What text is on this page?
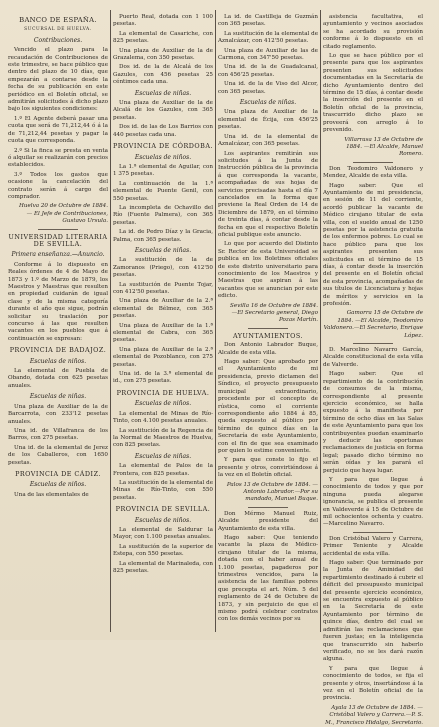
BANCO DE ESPAÑA.
SUCURSAL DE HUELVA.
Contribuciones.

Vencido el plazo para la recaudación de Contribuciones de este trimestre, se hace público que dentro del plazo de 10 días, que empezarán a contarse desde la fecha de su publicación en este periódico en el Boletín oficial, se admitirán solicitudes á dicho plazo bajo los siguientes condiciones:

1.º El Agente deberá pasar una cuota que será de 71,212,44 ó á la de 71,212,44 pesetas y pagar la cuota que corresponda.

2.º Si la finca se presta en venta ó alquilar se realizarán con precios establecidos.

3.º Todos los gastos que ocasione la cancelación del contrato serán á cargo del comprador.

Huelva 20 de Octubre de 1884.— El Jefe de Contribuciones, Gustavo Ursula.

UNIVERSIDAD LITERARIA DE SEVILLA.
Primera enseñanza.—Anuncio.

Conforme á lo dispuesto en Reales órdenes de 4 de Mayo de 1873 y 1.º de Marzo de 1879, los Maestros y Maestras que resulten en propiedad cuidarán de igual clase y de la misma categoría durante el año que sigue, podrán solicitar su traslación por concurso á las que resulten vacantes en los pueblos que á continuación se expresan:

PROVINCIA DE BADAJOZ.
Escuelas de niños.

La elemental de Puebla de Obando, dotada con 625 pesetas anuales.

Escuelas de niñas.

Una plaza de Auxiliar de la de Barcarrota, con 233'12 pesetas anuales.

Una id. de Villafranca de los Barros, con 275 pesetas.

Una id. de la elemental de Jerez de los Caballeros, con 1650 pesetas.

PROVINCIA DE CÁDIZ.
Escuelas de niños.

Una de las elementales de

Puerto Real, dotada con 1 100 pesetas.

La elemental de Casariche, con 825 pesetas.

Una plaza de Auxiliar de la de Grazalema, con 350 pesetas.

Dos id. de la de Alcalá de los Gazules, con 456 pesetas 25 céntimos cada una.

Escuelas de niñas.

Una plaza de Auxiliar de la de Alcalá de los Gazules, con 365 pesetas.

Dos id. de las de Los Barrios con 440 pesetas cada una.

PROVINCIA DE CÓRDOBA.
Escuelas de niños.

La 1.ª elemental de Aguilar, con 1 375 pesetas.

La continuación de la 1.ª elemental de Puente Genil, con 550 pesetas.

La incompleta de Ochavillo del Río (Fuente Palmera), con 365 pesetas.

La id. de Pedro Díaz y la Gracia, Palma, con 365 pesetas.

Escuelas de niñas.

La sustitución de la de Zamoranos (Priego), con 412'50 pesetas.

La sustitución de Puente Tojar, con 412'50 pesetas.

Una plaza de Auxiliar de la 2.ª elemental de Bélmez, con 365 pesetas.

Una plaza de Auxiliar de la 1.ª elemental de Cabra, con 365 pesetas.

Una plaza de Auxiliar de la 2.ª elemental de Pozoblanco, con 275 pesetas.

Una id. de la 3.ª elemental de id., con 275 pesetas.

PROVINCIA DE HUELVA.
Escuelas de niños.

La elemental de Minas de Río-Tinto, con 4.100 pesetas anuales.

La sustitución de la Regencia de la Normal de Maestros de Huelva, con 825 pesetas.

Escuelas de niñas.

La elemental de Palos de la Frontera, con 825 pesetas.

La sustitución de la elemental de Minas de Río-Tinto, con 550 pesetas.

PROVINCIA DE SEVILLA.
Escuelas de niños.

La elemental de Saldurar la Mayor, con 1.100 pesetas anuales.

La sustitución de la superior de Estepa, con 550 pesetas.

La elemental de Marinaleda, con 825 pesetas.

La id. de Castilleja de Guzmán con 365 pesetas.

La sustitución de la elemental de Aznalcázar, con 412'50 pesetas.

Una plaza de Auxiliar de las de Carmona, con 347'50 pesetas.

Una id. de la de Guadalcanal, con 456'25 pesetas.

Una id. de la de Viso del Alcor, con 365 pesetas.

Escuelas de niñas.

Una plaza de Auxiliar de la elemental de Écija, con 456'25 pesetas.

Una id. de la elemental de Aznalcázar, con 365 pesetas.

Los aspirantes remitirán sus solicitudes á la Junta de Instrucción pública de la provincia á que corresponda la vacante, acompañadas de sus hojas de servicios precisadas hasta el día 7 cancelados en la forma que previene la Real Orden de 14 de Diciembre de 1879, en el término de treinta días, á contar desde la fecha en que el respectivo Boletín oficial publique este anuncio.

Lo que por acuerdo del Distinto Sr. Rector de esta Universidad se publica en los Boletines oficiales de este distrito universitario para conocimiento de los Maestros y Maestras que aspiran á las vacantes que se anuncian por este edicto.

Sevilla 16 de Octubre de 1884. —El Secretario general, Diego Pozas Martín.

AYUNTAMIENTOS.

Don Antonio Labrador Buque, Alcalde de esta villa.

Hago saber: Que aprobado por el Ayuntamiento de mi presidencia, previo dictamen del Síndico, el proyecto presupuesto municipal extraordinario, procedente por el concepto de rústica, como el corriente correspondiente año 1884 á 85, queda expuesto al público por término de quince días en la Secretaría de este Ayuntamiento, con el fin de que sea examinado por quien lo estime conveniente.

Y para que conste lo fijo el presente y otros, convirtiéndose á la vez en el Boletín oficial.

Palos 13 de Octubre de 1884. — Antonio Labrador.—Por su mandado, Manuel Buque.

Don Mérmo Manuel Ruiz, Alcalde presidente del Ayuntamiento de esta villa.

Hago saber: Que teniendo vacante la plaza de Médico-cirujano titular de la misma, dotada con el haber anual de 1.100 pesetas, pagaderos por trimestres vencidos, para la asistencia de las familias pobres que precepta el art. Núm. 5 del reglamento de 24 de Octubre de 1873, y sin perjuicio de que el mismo podrá celebrar contratos con los demás vecinos por su

asistencia facultativa, el ayuntamiento y vecinos asociados se ha acordado su provisión conforme á lo dispuesto en el citado reglamento.

Lo que se hace público por el presente para que los aspirantes presenten sus solicitudes documentadas en la Secretaría de dicho Ayuntamiento dentro del término de 15 días, á contar desde la inserción del presente en el Boletín oficial de la provincia, trascurrido dicho plazo se proveerá con arreglo á lo prevenido.

Villarrasa 13 de Octubre de 1884. —El Alcalde, Manuel Romero.

Don Teodomiro Valdonero y Mendez, Alcalde de esta villa.

Hago saber: Que el Ayuntamiento de mi presidencia, en sesión de 11 del corriente, acordó publicar la vacante de Médico cirujano titular de esta villa, con el sueldo anual de 1250 pesetas por la asistencia gratuita de los enfermos pobres. Lo cual se hace público para que los aspirantes presenten sus solicitudes en el término de 15 días, á contar desde la inserción del presente en el Boletín oficial de esta provincia, acompañadas de sus títulos de Licenciatura y hojas de méritos y servicios en la profesión.

Gamorra 15 de Octubre de 1884. —El Alcalde, Teodomiro Valdonero.—El Secretario, Enrique López.

D. Marcelino Navarro García, Alcalde constitucional de esta villa de Valverde.

Hago saber: Que el repartimiento de la contribución de consumos de la misma, correspondiente al presente ejercicio económico, se halla expuesto á la manifiesta por término de ocho días en las Salas de este Ayuntamiento para que los contribuyentes puedan examinarlo y deducir las oportunas reclamaciones de justicia en forma legal; pasado dicho término no serán oídas y les parará el perjuicio que haya lugar.

Y para que llegue á conocimiento de todos y que por ninguna pueda alegarse ignorancia, se publica el presente en Valdeverde á 15 de Octubre de mil ochocientos ochenta y cuatro. —Marcelino Navarro.

Don Cristóbal Valero y Carrera, Primer Teniente y Alcalde accidental de esta villa.

Hago saber: Que terminado por la Junta de Aminidad del repartimiento destinado á cubrir el déficit del presupuesto municipal del presente ejercicio económico, se encuentra expuesto al público en la Secretaría de este Ayuntamiento por término de quince días, dentro del cual se admitirán las reclamaciones que fueren justas; en la inteligencia que transcurrido sin haberlo verificado, no se les dará razón alguna.

Y para que llegue á conocimiento de todos, se fija el presente y otros, insertándose á la vez en el Boletín oficial de la provincia.

Ayala 13 de Octubre de 1884. — Cristóbal Valero y Carrera.—P. S. M., Francisco Hidalgo, Secretario.
